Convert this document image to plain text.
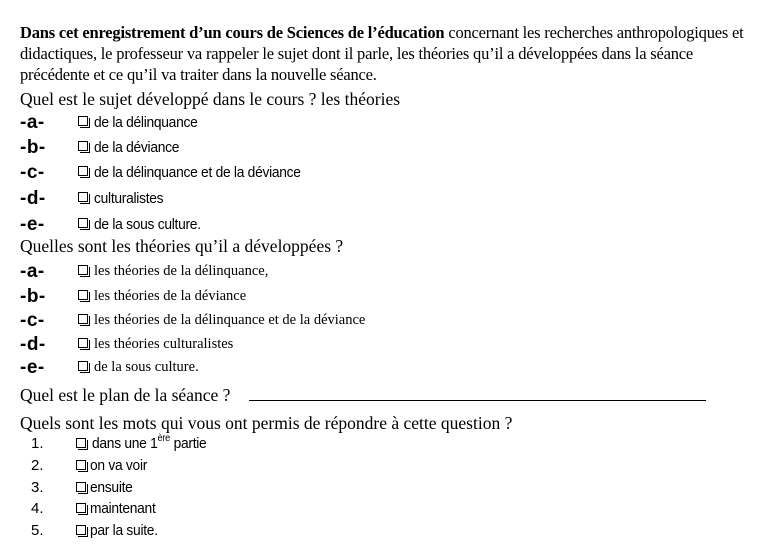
Dans cet enregistrement d’un cours de Sciences de l’éducation concernant les recherches anthropologiques et didactiques, le professeur va rappeler le sujet dont il parle, les théories qu’il a développées dans la séance précédente et ce qu’il va traiter dans la nouvelle séance.
Quel est le sujet développé dans le cours ? les théories
-a-	de la délinquance
-b-	de la déviance
-c-	de la délinquance et de la déviance
-d-	culturalistes
-e-	de la sous culture.
Quelles sont les théories qu’il a développées ?
-a-	les théories de la délinquance,
-b-	les théories de la déviance
-c-	les théories de la délinquance et de la déviance
-d-	les théories culturalistes
-e-	de la sous culture.
Quel est le plan de la séance ?
Quels sont les mots qui vous ont permis de répondre à cette question ?
1.	dans une 1ère partie
2.	on va voir
3.	ensuite
4.	maintenant
5.	par la suite.
